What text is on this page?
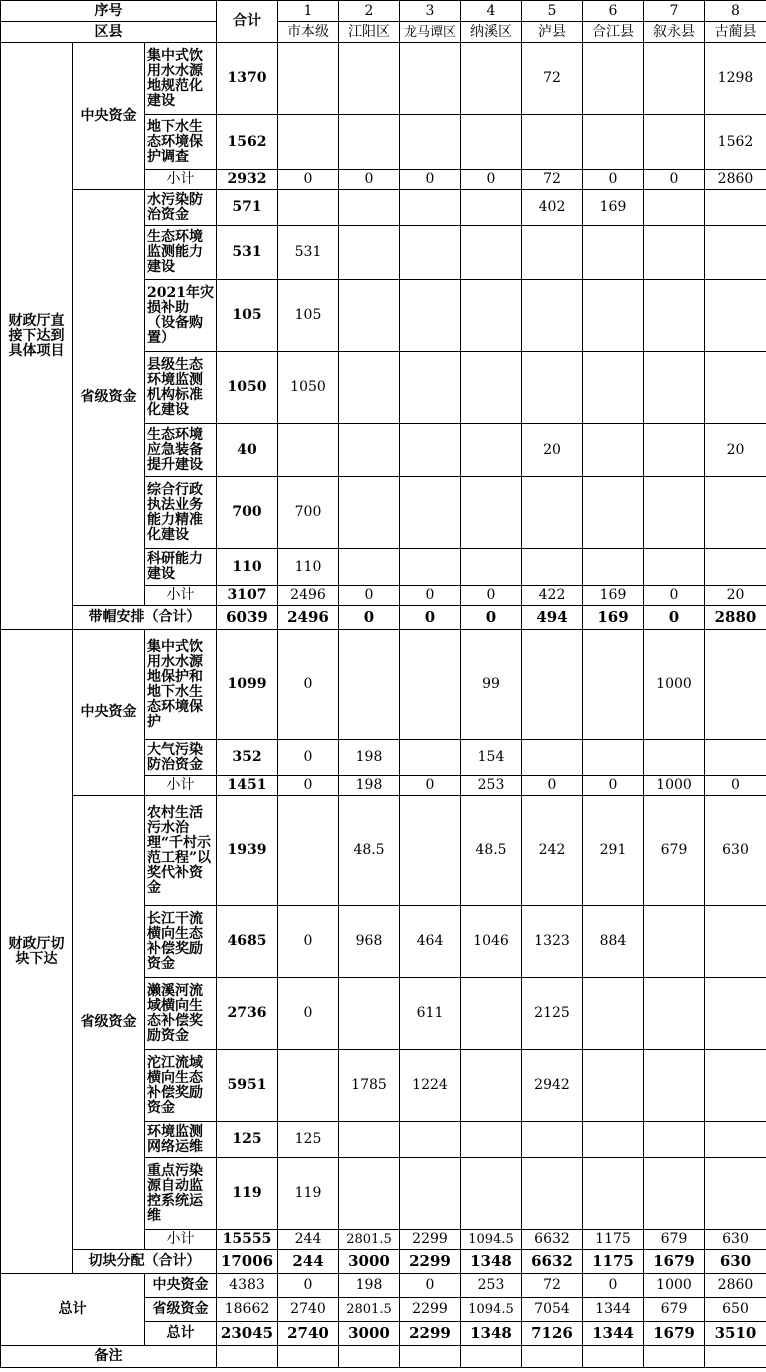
序号			合计	1	2	3	4	5	6	7	8
区县				市本级	江阳区	龙马谭区	纳溪区	泸县	合江县	叙永县	古蔺县
财政厅直接下达到具体项目	中央资金	集中式饮用水水源地规范化建设	1370					72			1298
		地下水生态环境保护调查	1562								1562
		小计	2932	0	0	0	0	72	0	0	2860
	省级资金	水污染防治资金	571					402	169		
		生态环境监测能力建设	531	531							
		2021年灾损补助（设备购置）	105	105							
		县级生态环境监测机构标准化建设	1050	1050							
		生态环境应急装备提升建设	40					20			20
		综合行政执法业务能力精准化建设	700	700							
		科研能力建设	110	110							
		小计	3107	2496	0	0	0	422	169	0	20
	带帽安排（合计）		6039	2496	0	0	0	494	169	0	2880
财政厅切块下达	中央资金	集中式饮用水水源地保护和地下水生态环境保护	1099	0			99			1000	
		大气污染防治资金	352	0	198		154				
		小计	1451	0	198	0	253	0	0	1000	0
	省级资金	农村生活污水治理“千村示范工程”以奖代补资金	1939		48.5		48.5	242	291	679	630
		长江干流横向生态补偿奖励资金	4685	0	968	464	1046	1323	884		
		濑溪河流域横向生态补偿奖励资金	2736	0		611		2125			
		沱江流域横向生态补偿奖励资金	5951		1785	1224		2942			
		环境监测网络运维	125	125							
		重点污染源自动监控系统运维	119	119							
		小计	15555	244	2801.5	2299	1094.5	6632	1175	679	630
	切块分配（合计）		17006	244	3000	2299	1348	6632	1175	1679	630
总计		中央资金	4383	0	198	0	253	72	0	1000	2860
		省级资金	18662	2740	2801.5	2299	1094.5	7054	1344	679	650
		总计	23045	2740	3000	2299	1348	7126	1344	1679	3510
备注											
